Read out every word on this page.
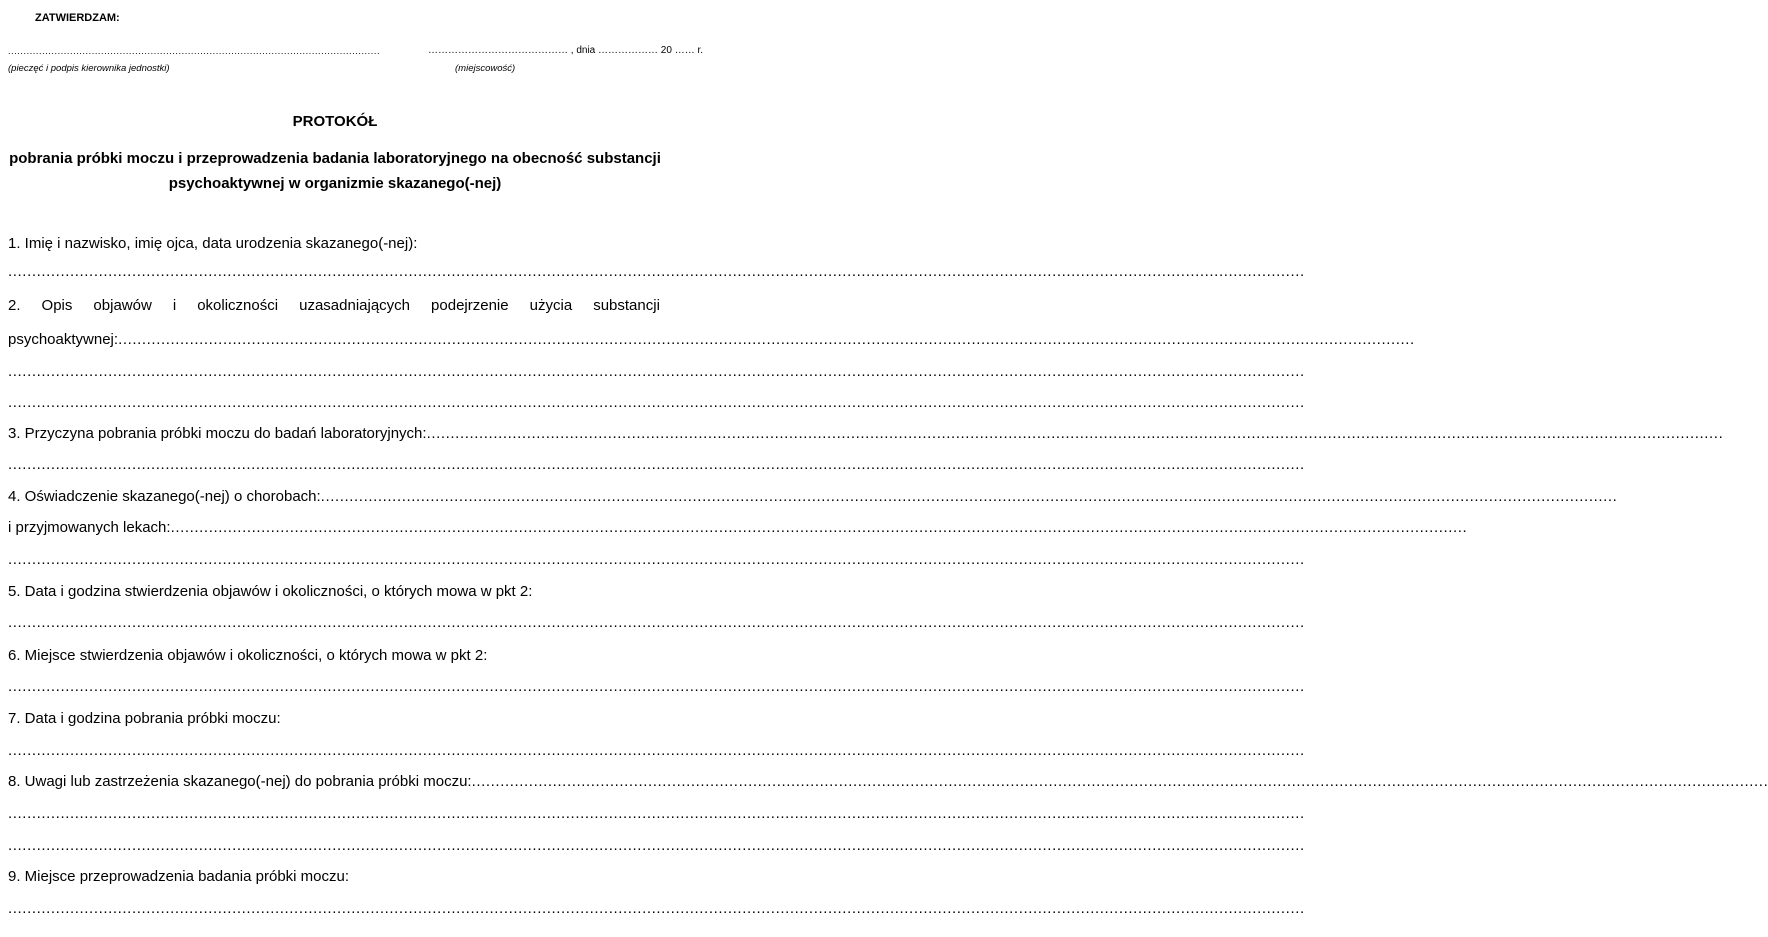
ZATWIERDZAM:
........................................................................................................................
(pieczęć i podpis kierownika jednostki)
…………………………………… , dnia ……………… 20 …… r.
(miejscowość)
PROTOKÓŁ
pobrania próbki moczu i przeprowadzenia badania laboratoryjnego na obecność substancji psychoaktywnej w organizmie skazanego(-nej)
1. Imię i nazwisko, imię ojca, data urodzenia skazanego(-nej):
................................................................................................................................................................................................................................................................................
2. Opis objawów i okoliczności uzasadniających podejrzenie użycia substancji
psychoaktywnej: ................................................................................................................................................................................................................................................................................
................................................................................................................................................................................................................................................................................
................................................................................................................................................................................................................................................................................
3. Przyczyna pobrania próbki moczu do badań laboratoryjnych: ................................................................................................................................................................................................................................................................................
................................................................................................................................................................................................................................................................................
4. Oświadczenie skazanego(-nej) o chorobach: ................................................................................................................................................................................................................................................................................
i przyjmowanych lekach: ................................................................................................................................................................................................................................................................................
................................................................................................................................................................................................................................................................................
5. Data i godzina stwierdzenia objawów i okoliczności, o których mowa w pkt 2:
................................................................................................................................................................................................................................................................................
6. Miejsce stwierdzenia objawów i okoliczności, o których mowa w pkt 2:
................................................................................................................................................................................................................................................................................
7. Data i godzina pobrania próbki moczu:
................................................................................................................................................................................................................................................................................
8. Uwagi lub zastrzeżenia skazanego(-nej) do pobrania próbki moczu: ................................................................................................................................................................................................................................................................................
................................................................................................................................................................................................................................................................................
................................................................................................................................................................................................................................................................................
9. Miejsce przeprowadzenia badania próbki moczu:
................................................................................................................................................................................................................................................................................
